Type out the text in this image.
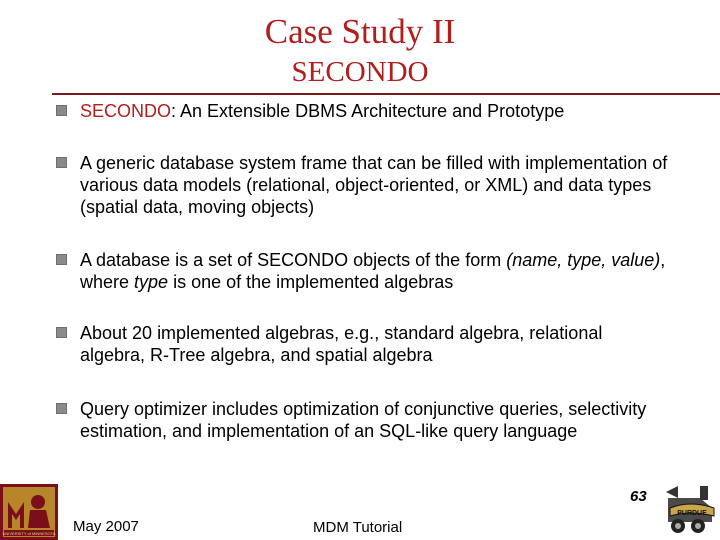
Case Study II
SECONDO
SECONDO: An Extensible DBMS Architecture and Prototype
A generic database system frame that can be filled with implementation of various data models (relational, object-oriented, or XML) and data types (spatial data, moving objects)
A database is a set of SECONDO objects of the form (name, type, value), where type is one of the implemented algebras
About 20 implemented algebras, e.g., standard algebra, relational algebra, R-Tree algebra, and spatial algebra
Query optimizer includes optimization of conjunctive queries, selectivity estimation, and implementation of an SQL-like query language
UNIVERSITY of MINNESOTA
PURDUE
May 2007	MDM Tutorial
63
